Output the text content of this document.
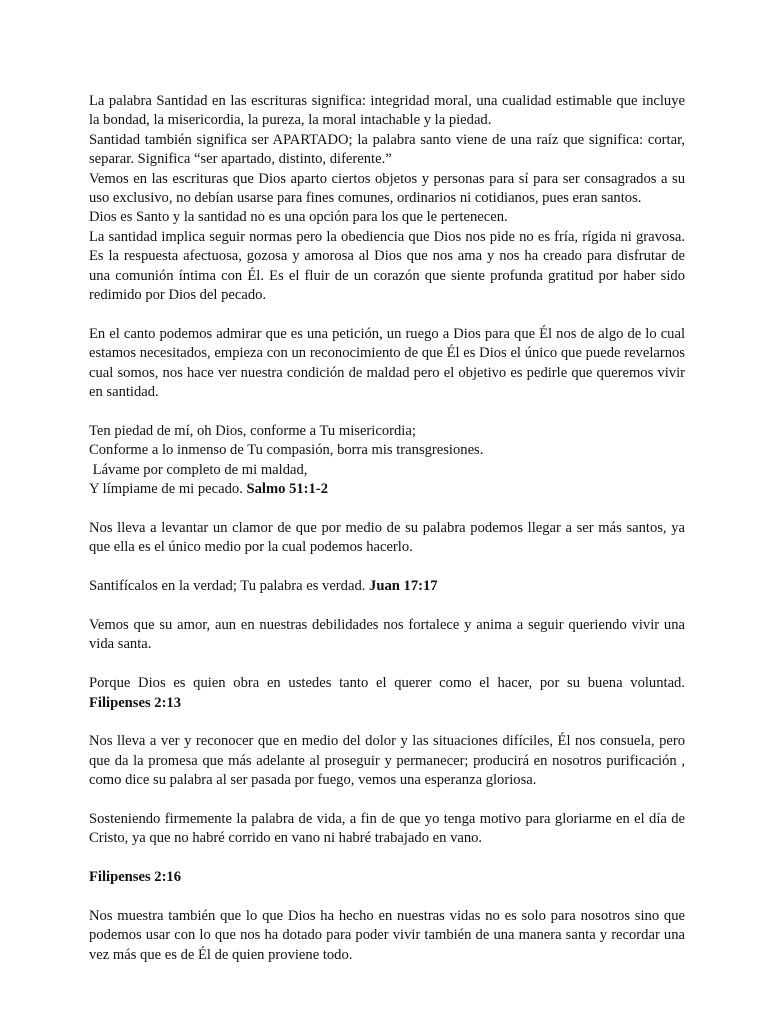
La palabra Santidad en las escrituras significa: integridad moral, una cualidad estimable que incluye la bondad, la misericordia, la pureza, la moral intachable y la piedad.

Santidad también significa ser APARTADO; la palabra santo viene de una raíz que significa: cortar, separar. Significa “ser apartado, distinto, diferente.”

Vemos en las escrituras que Dios aparto ciertos objetos y personas para sí para ser consagrados a su uso exclusivo, no debían usarse para fines comunes, ordinarios ni cotidianos, pues eran santos.

Dios es Santo y la santidad no es una opción para los que le pertenecen.

La santidad implica seguir normas pero la obediencia que Dios nos pide no es fría, rígida ni gravosa. Es la respuesta afectuosa, gozosa y amorosa al Dios que nos ama y nos ha creado para disfrutar de una comunión íntima con Él. Es el fluir de un corazón que siente profunda gratitud por haber sido redimido por Dios del pecado.

En el canto podemos admirar que es una petición, un ruego a Dios para que Él nos de algo de lo cual estamos necesitados, empieza con un reconocimiento de que Él es Dios el único que puede revelarnos cual somos, nos hace ver nuestra condición de maldad pero el objetivo es pedirle que queremos vivir en santidad.

Ten piedad de mí, oh Dios, conforme a Tu misericordia;
Conforme a lo inmenso de Tu compasión, borra mis transgresiones.
Lávame por completo de mi maldad,
Y límpiame de mi pecado. Salmo 51:1-2

Nos lleva a levantar un clamor de que por medio de su palabra podemos llegar a ser más santos, ya que ella es el único medio por la cual podemos hacerlo.

Santifícalos en la verdad; Tu palabra es verdad. Juan 17:17

Vemos que su amor, aun en nuestras debilidades nos fortalece y anima a seguir queriendo vivir una vida santa.

Porque Dios es quien obra en ustedes tanto el querer como el hacer, por su buena voluntad. Filipenses 2:13

Nos lleva a ver y reconocer que en medio del dolor y las situaciones difíciles, Él nos consuela, pero que da la promesa que más adelante al proseguir y permanecer; producirá en nosotros purificación , como dice su palabra al ser pasada por fuego, vemos una esperanza gloriosa.

Sosteniendo firmemente la palabra de vida, a fin de que yo tenga motivo para gloriarme en el día de Cristo, ya que no habré corrido en vano ni habré trabajado en vano.

Filipenses 2:16

Nos muestra también que lo que Dios ha hecho en nuestras vidas no es solo para nosotros sino que podemos usar con lo que nos ha dotado para poder vivir también de una manera santa y recordar una vez más que es de Él de quien proviene todo.
